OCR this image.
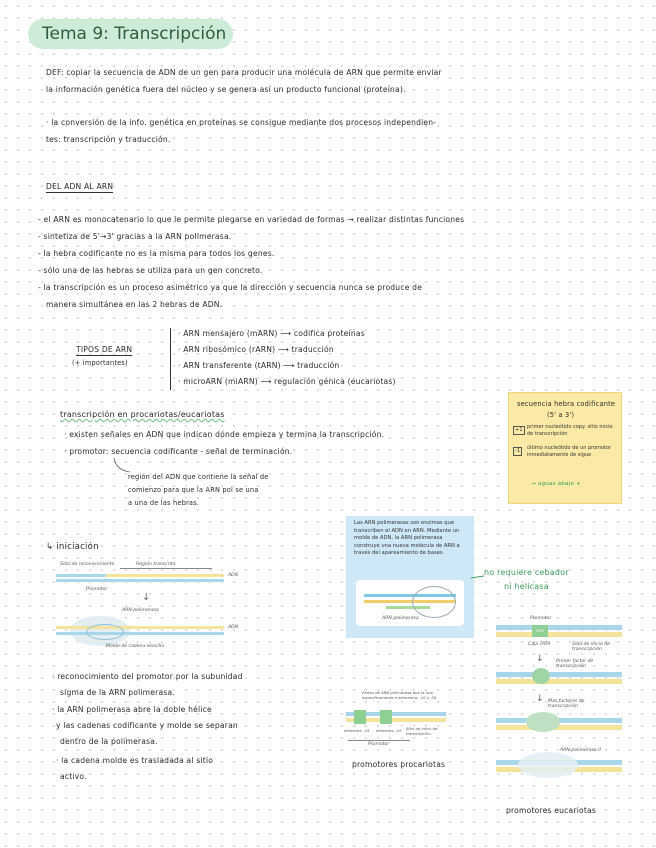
Tema 9: Transcripción
DEF: copiar la secuencia de ADN de un gen para producir una molécula de ARN que permite enviar
la información genética fuera del núcleo y se genera así un producto funcional (proteína).
· la conversión de la info. genética en proteínas se consigue mediante dos procesos independien-
tes: transcripción y traducción.
DEL ADN AL ARN
- el ARN es monocatenario lo que le permite plegarse en variedad de formas → realizar distintas funciones
- sintetiza de 5'→3' gracias a la ARN polimerasa.
- la hebra codificante no es la misma para todos los genes.
- sólo una de las hebras se utiliza para un gen concreto.
- la transcripción es un proceso asimétrico ya que la dirección y secuencia nunca se produce de
manera simultánea en las 2 hebras de ADN.
TIPOS DE ARN
(+ importantes)
· ARN mensajero (mARN) ⟶ codifica proteínas
· ARN ribosómico (rARN) ⟶ traducción
· ARN transferente (tARN) ⟶ traducción
· microARN (miARN) ⟶ regulación génica (eucariotas)
transcripción en procariotas/eucariotas
· existen señales en ADN que indican dónde empieza y termina la transcripción.
· promotor: secuencia codificante - señal de terminación.
región del ADN que contiene la señal de
comienzo para que la ARN pol se una
a una de las hebras.
secuencia hebra codificante
(5' a 3')
+1 primer nucleótido copy. sitio inicio de transcripción
-1	último nucleótido de un promotor inmediatamente de sigue
→ aguas abajo +
↳ iniciación
Sitio de reconocimiento	Región transcrita
ADN
Promotor
↓
ARN polimerasa
ADN
Molde de cadena sencilla
· reconocimiento del promotor por la subunidad
sigma de la ARN polimerasa.
· la ARN polimerasa abre la doble hélice
y las cadenas codificante y molde se separan
dentro de la polimerasa.
· la cadena molde es trasladada al sitio
activo.
Las ARN polimerasas son enzimas que transcriben el ADN en ARN. Mediante un molde de ADN, la ARN polimerasa construye una nueva molécula de ARN a través del apareamiento de bases.
ARN polimerasa
no requiere cebador
ni helicasa
Promotor
TATA
Caja TATA	Sitio de inicio de transcripción
↓	Primer factor de transcripción
↓ Más factores de transcripción
ARN polimerasa II
Partes de ARN polimerasa que la une específicamente a elementos -10 y -35
elemento -35 elemento -10 Sitio de inicio de transcripción
Promotor
promotores procariotas
promotores eucariotas
